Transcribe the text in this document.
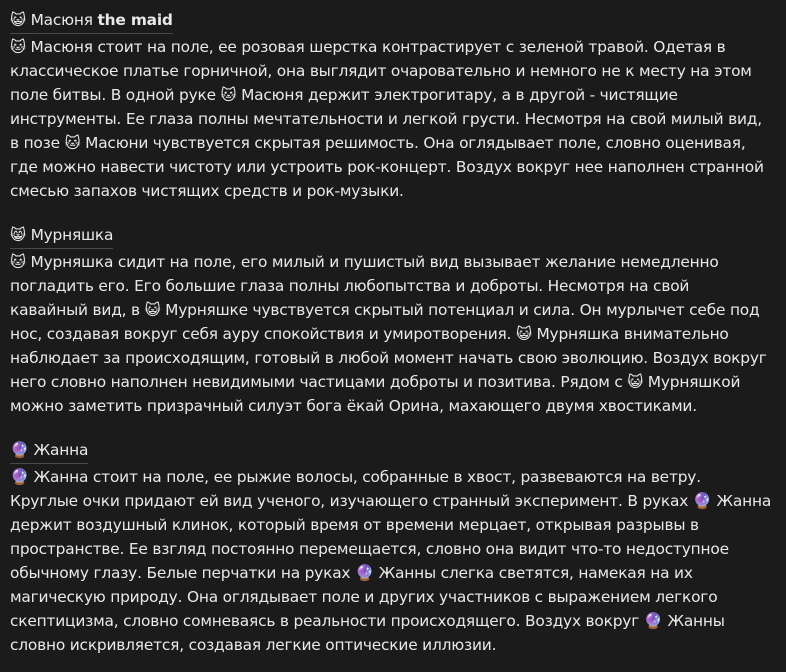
😺 Масюня the maid
🐱 Масюня стоит на поле, ее розовая шерстка контрастирует с зеленой травой. Одетая в
классическое платье горничной, она выглядит очаровательно и немного не к месту на этом
поле битвы. В одной руке 🐱 Масюня держит электрогитару, а в другой - чистящие
инструменты. Ее глаза полны мечтательности и легкой грусти. Несмотря на свой милый вид,
в позе 🐱 Масюни чувствуется скрытая решимость. Она оглядывает поле, словно оценивая,
где можно навести чистоту или устроить рок-концерт. Воздух вокруг нее наполнен странной
смесью запахов чистящих средств и рок-музыки.
😸 Мурняшка
🐱 Мурняшка сидит на поле, его милый и пушистый вид вызывает желание немедленно
погладить его. Его большие глаза полны любопытства и доброты. Несмотря на свой
кавайный вид, в 😺 Мурняшке чувствуется скрытый потенциал и сила. Он мурлычет себе под
нос, создавая вокруг себя ауру спокойствия и умиротворения. 😺 Мурняшка внимательно
наблюдает за происходящим, готовый в любой момент начать свою эволюцию. Воздух вокруг
него словно наполнен невидимыми частицами доброты и позитива. Рядом с 😺 Мурняшкой
можно заметить призрачный силуэт бога ёкай Орина, махающего двумя хвостиками.
🔮 Жанна
🔮 Жанна стоит на поле, ее рыжие волосы, собранные в хвост, развеваются на ветру.
Круглые очки придают ей вид ученого, изучающего странный эксперимент. В руках 🔮 Жанна
держит воздушный клинок, который время от времени мерцает, открывая разрывы в
пространстве. Ее взгляд постоянно перемещается, словно она видит что-то недоступное
обычному глазу. Белые перчатки на руках 🔮 Жанны слегка светятся, намекая на их
магическую природу. Она оглядывает поле и других участников с выражением легкого
скептицизма, словно сомневаясь в реальности происходящего. Воздух вокруг 🔮 Жанны
словно искривляется, создавая легкие оптические иллюзии.
